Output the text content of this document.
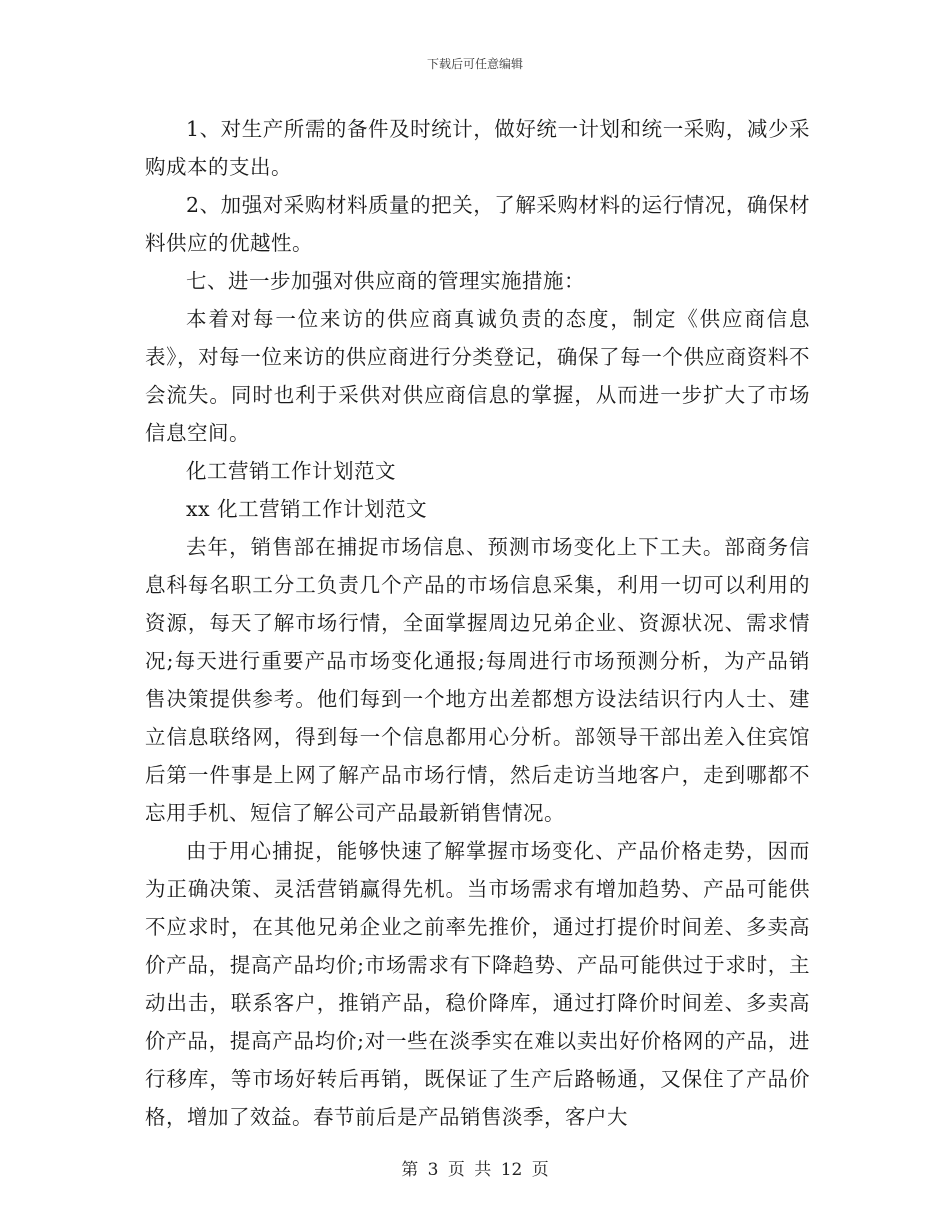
下载后可任意编辑

1、对生产所需的备件及时统计，做好统一计划和统一采购，减少采购成本的支出。

2、加强对采购材料质量的把关，了解采购材料的运行情况，确保材料供应的优越性。

七、进一步加强对供应商的管理实施措施：

本着对每一位来访的供应商真诚负责的态度，制定《供应商信息表》，对每一位来访的供应商进行分类登记，确保了每一个供应商资料不会流失。同时也利于采供对供应商信息的掌握，从而进一步扩大了市场信息空间。

化工营销工作计划范文

xx 化工营销工作计划范文

去年，销售部在捕捉市场信息、预测市场变化上下工夫。部商务信息科每名职工分工负责几个产品的市场信息采集，利用一切可以利用的资源，每天了解市场行情，全面掌握周边兄弟企业、资源状况、需求情况;每天进行重要产品市场变化通报;每周进行市场预测分析，为产品销售决策提供参考。他们每到一个地方出差都想方设法结识行内人士、建立信息联络网，得到每一个信息都用心分析。部领导干部出差入住宾馆后第一件事是上网了解产品市场行情，然后走访当地客户，走到哪都不忘用手机、短信了解公司产品最新销售情况。

由于用心捕捉，能够快速了解掌握市场变化、产品价格走势，因而为正确决策、灵活营销赢得先机。当市场需求有增加趋势、产品可能供不应求时，在其他兄弟企业之前率先推价，通过打提价时间差、多卖高价产品，提高产品均价;市场需求有下降趋势、产品可能供过于求时，主动出击，联系客户，推销产品，稳价降库，通过打降价时间差、多卖高价产品，提高产品均价;对一些在淡季实在难以卖出好价格网的产品，进行移库，等市场好转后再销，既保证了生产后路畅通，又保住了产品价格，增加了效益。春节前后是产品销售淡季，客户大

第 3 页 共 12 页
